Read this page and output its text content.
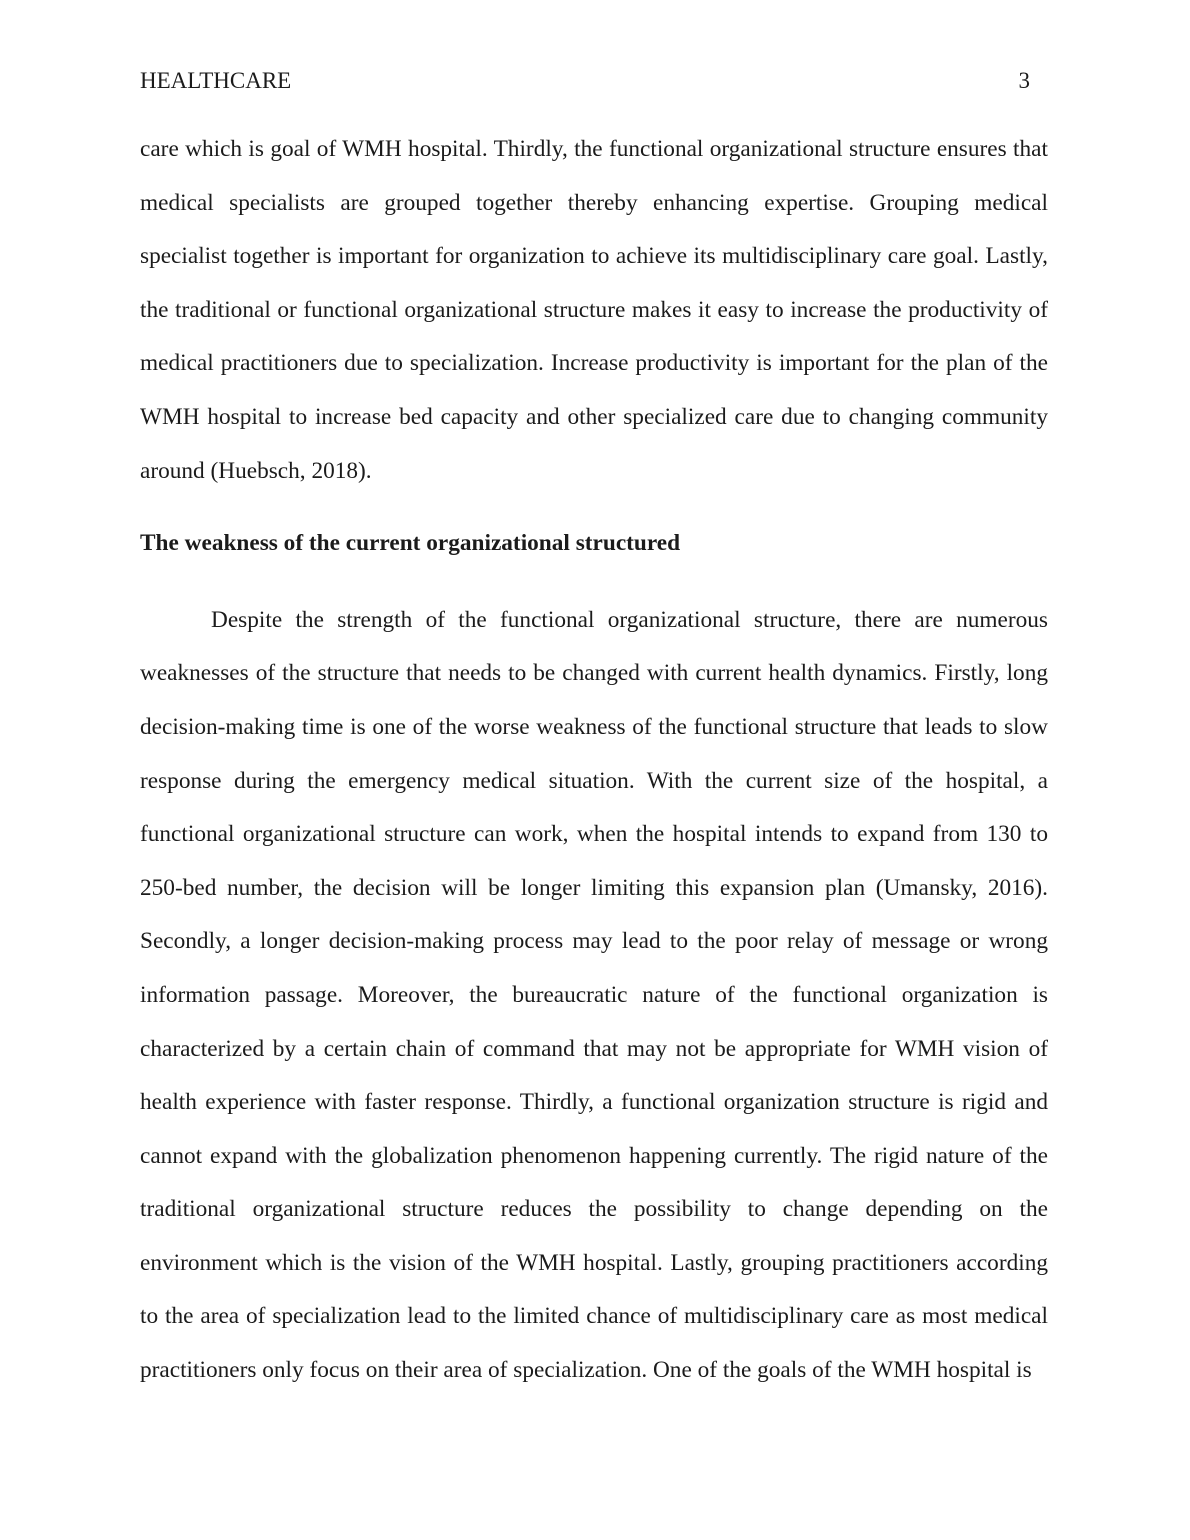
HEALTHCARE	3

care which is goal of WMH hospital. Thirdly, the functional organizational structure ensures that medical specialists are grouped together thereby enhancing expertise. Grouping medical specialist together is important for organization to achieve its multidisciplinary care goal. Lastly, the traditional or functional organizational structure makes it easy to increase the productivity of medical practitioners due to specialization. Increase productivity is important for the plan of the WMH hospital to increase bed capacity and other specialized care due to changing community around (Huebsch, 2018).

The weakness of the current organizational structured

Despite the strength of the functional organizational structure, there are numerous weaknesses of the structure that needs to be changed with current health dynamics. Firstly, long decision-making time is one of the worse weakness of the functional structure that leads to slow response during the emergency medical situation. With the current size of the hospital, a functional organizational structure can work, when the hospital intends to expand from 130 to 250-bed number, the decision will be longer limiting this expansion plan (Umansky, 2016). Secondly, a longer decision-making process may lead to the poor relay of message or wrong information passage. Moreover, the bureaucratic nature of the functional organization is characterized by a certain chain of command that may not be appropriate for WMH vision of health experience with faster response. Thirdly, a functional organization structure is rigid and cannot expand with the globalization phenomenon happening currently. The rigid nature of the traditional organizational structure reduces the possibility to change depending on the environment which is the vision of the WMH hospital. Lastly, grouping practitioners according to the area of specialization lead to the limited chance of multidisciplinary care as most medical practitioners only focus on their area of specialization. One of the goals of the WMH hospital is
